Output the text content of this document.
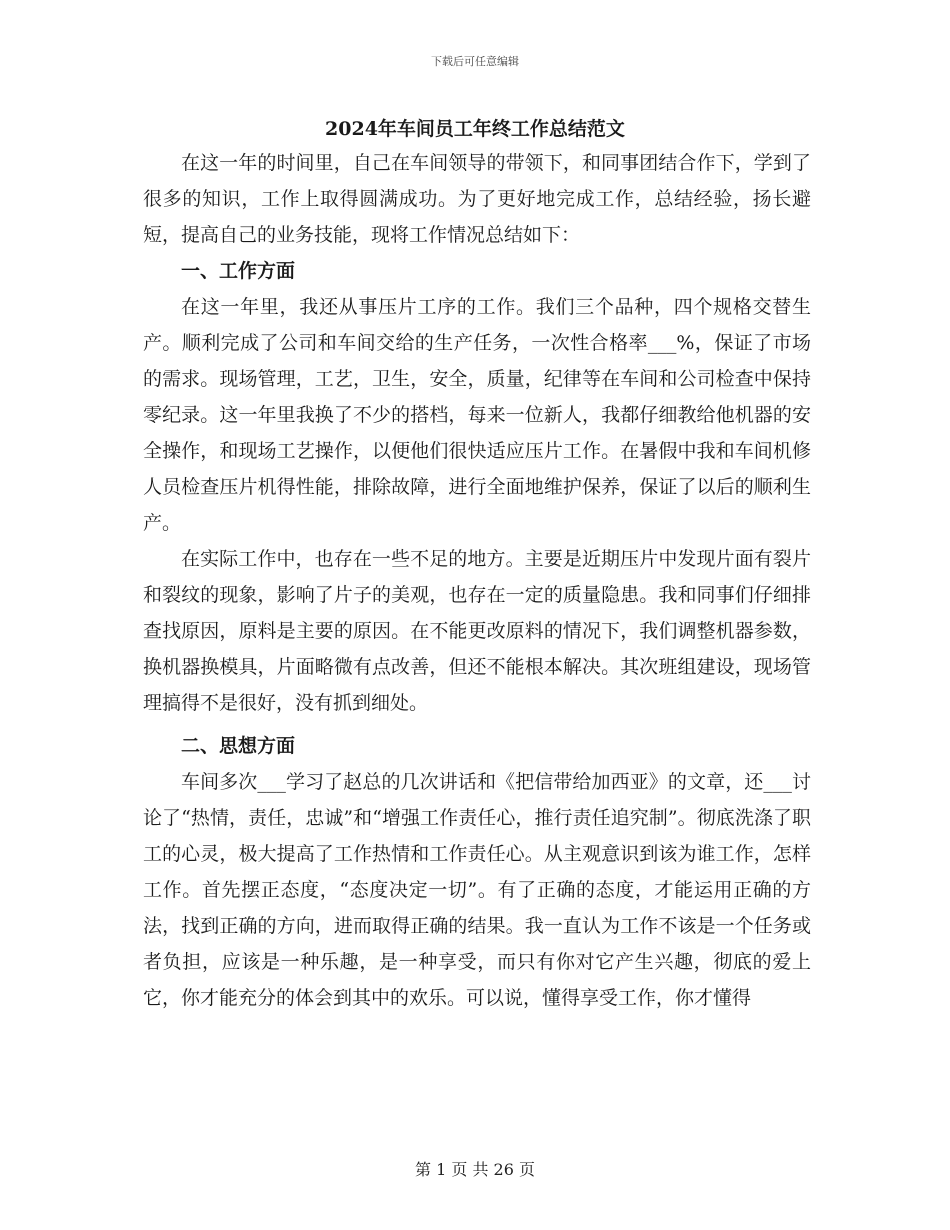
下载后可任意编辑
2024年车间员工年终工作总结范文

在这一年的时间里，自己在车间领导的带领下，和同事团结合作下，学到了很多的知识，工作上取得圆满成功。为了更好地完成工作，总结经验，扬长避短，提高自己的业务技能，现将工作情况总结如下：

一、工作方面

在这一年里，我还从事压片工序的工作。我们三个品种，四个规格交替生产。顺利完成了公司和车间交给的生产任务，一次性合格率___%，保证了市场的需求。现场管理，工艺，卫生，安全，质量，纪律等在车间和公司检查中保持零纪录。这一年里我换了不少的搭档，每来一位新人，我都仔细教给他机器的安全操作，和现场工艺操作，以便他们很快适应压片工作。在暑假中我和车间机修人员检查压片机得性能，排除故障，进行全面地维护保养，保证了以后的顺利生产。

在实际工作中，也存在一些不足的地方。主要是近期压片中发现片面有裂片和裂纹的现象，影响了片子的美观，也存在一定的质量隐患。我和同事们仔细排查找原因，原料是主要的原因。在不能更改原料的情况下，我们调整机器参数，换机器换模具，片面略微有点改善，但还不能根本解决。其次班组建设，现场管理搞得不是很好，没有抓到细处。

二、思想方面

车间多次___学习了赵总的几次讲话和《把信带给加西亚》的文章，还___讨论了“热情，责任，忠诚”和“增强工作责任心，推行责任追究制”。彻底洗涤了职工的心灵，极大提高了工作热情和工作责任心。从主观意识到该为谁工作，怎样工作。首先摆正态度，“态度决定一切”。有了正确的态度，才能运用正确的方法，找到正确的方向，进而取得正确的结果。我一直认为工作不该是一个任务或者负担，应该是一种乐趣，是一种享受，而只有你对它产生兴趣，彻底的爱上它，你才能充分的体会到其中的欢乐。可以说，懂得享受工作，你才懂得

第 1 页 共 26 页
